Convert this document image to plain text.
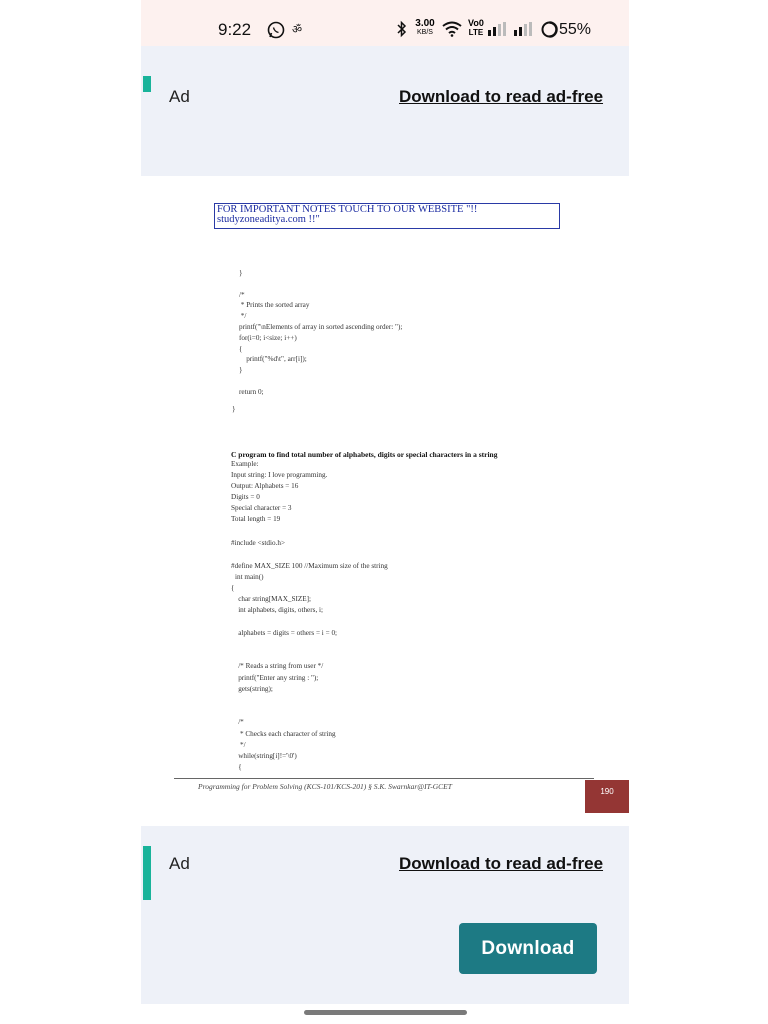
9:22	ॐ
3.00
KB/S
Vo0
LTE	55%
Ad	Download to read ad-free
FOR IMPORTANT NOTES TOUCH TO OUR WEBSITE "!! studyzoneaditya.com !!"
}
/*
* Prints the sorted array
*/
printf("\nElements of array in sorted ascending order: ");
for(i=0; i<size; i++)
{
printf("%d\t", arr[i]);
}
return 0;
}
C program to find total number of alphabets, digits or special characters in a string
Example:
Input string: I love programming.
Output: Alphabets = 16
Digits = 0
Special character = 3
Total length = 19
#include <stdio.h>
#define MAX_SIZE 100 //Maximum size of the string
int main()
{
char string[MAX_SIZE];
int alphabets, digits, others, i;
alphabets = digits = others = i = 0;
/* Reads a string from user */
printf("Enter any string : ");
gets(string);
/*
* Checks each character of string
*/
while(string[i]!='\0')
{
Programming for Problem Solving (KCS-101/KCS-201) § S.K. Swarnkar@IT-GCET
190
Ad	Download to read ad-free
Download
